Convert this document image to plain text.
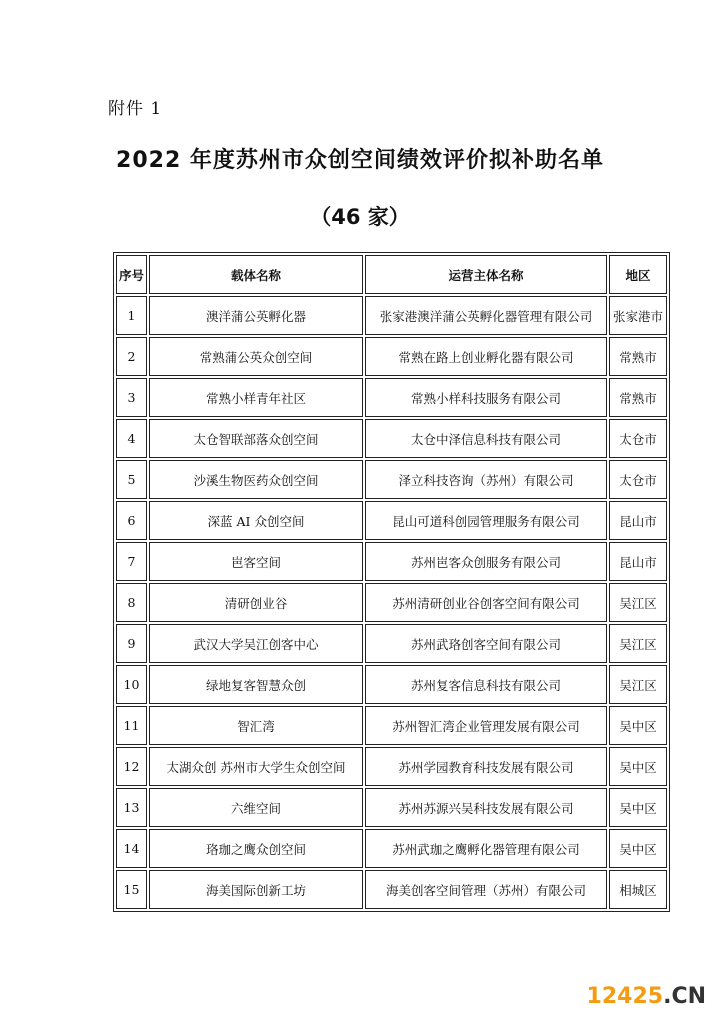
附件 1
2022 年度苏州市众创空间绩效评价拟补助名单
（46 家）
序号	载体名称	运营主体名称	地区
1	澳洋蒲公英孵化器	张家港澳洋蒲公英孵化器管理有限公司	张家港市
2	常熟蒲公英众创空间	常熟在路上创业孵化器有限公司	常熟市
3	常熟小样青年社区	常熟小样科技服务有限公司	常熟市
4	太仓智联部落众创空间	太仓中泽信息科技有限公司	太仓市
5	沙溪生物医药众创空间	泽立科技咨询（苏州）有限公司	太仓市
6	深蓝 AI 众创空间	昆山可道科创园管理服务有限公司	昆山市
7	岜客空间	苏州岜客众创服务有限公司	昆山市
8	清研创业谷	苏州清研创业谷创客空间有限公司	吴江区
9	武汉大学吴江创客中心	苏州武珞创客空间有限公司	吴江区
10	绿地复客智慧众创	苏州复客信息科技有限公司	吴江区
11	智汇湾	苏州智汇湾企业管理发展有限公司	吴中区
12	太湖众创 苏州市大学生众创空间	苏州学园教育科技发展有限公司	吴中区
13	六维空间	苏州苏源兴吴科技发展有限公司	吴中区
14	珞珈之鹰众创空间	苏州武珈之鹰孵化器管理有限公司	吴中区
15	海美国际创新工坊	海美创客空间管理（苏州）有限公司	相城区
12425.CN
